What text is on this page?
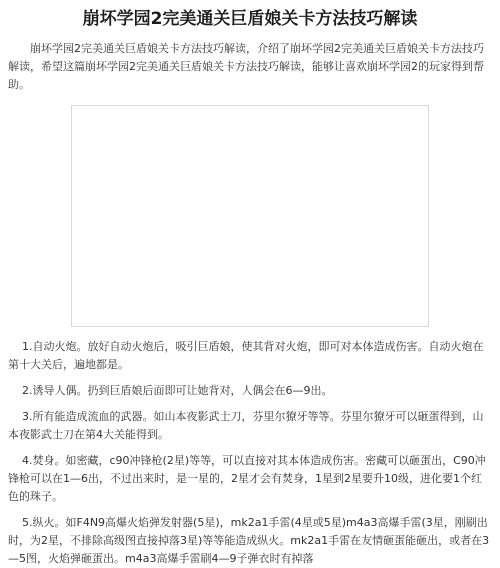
崩坏学园2完美通关巨盾娘关卡方法技巧解读

崩坏学园2完美通关巨盾娘关卡方法技巧解读，介绍了崩坏学园2完美通关巨盾娘关卡方法技巧解读，希望这篇崩坏学园2完美通关巨盾娘关卡方法技巧解读，能够让喜欢崩坏学园2的玩家得到帮助。

1.自动火炮。放好自动火炮后，吸引巨盾娘，使其背对火炮，即可对本体造成伤害。自动火炮在第十大关后，遍地都是。

2.诱导人偶。扔到巨盾娘后面即可让她背对，人偶会在6—9出。

3.所有能造成流血的武器。如山本夜影武士刀，芬里尔獠牙等等。芬里尔獠牙可以砸蛋得到，山本夜影武士刀在第4大关能得到。

4.焚身。如密藏，c90冲锋枪(2星)等等，可以直接对其本体造成伤害。密藏可以砸蛋出，C90冲锋枪可以在1—6出，不过出来时，是一星的，2星才会有焚身，1星到2星要升10级，进化要1个红色的珠子。

5.纵火。如F4N9高爆火焰弹发射器(5星)，mk2a1手雷(4星或5星)m4a3高爆手雷(3星，刚刷出时，为2星，不排除高级图直接掉落3星)等等能造成纵火。mk2a1手雷在友情砸蛋能砸出，或者在3—5图，火焰弹砸蛋出。m4a3高爆手雷刷4—9子弹衣时有掉落
